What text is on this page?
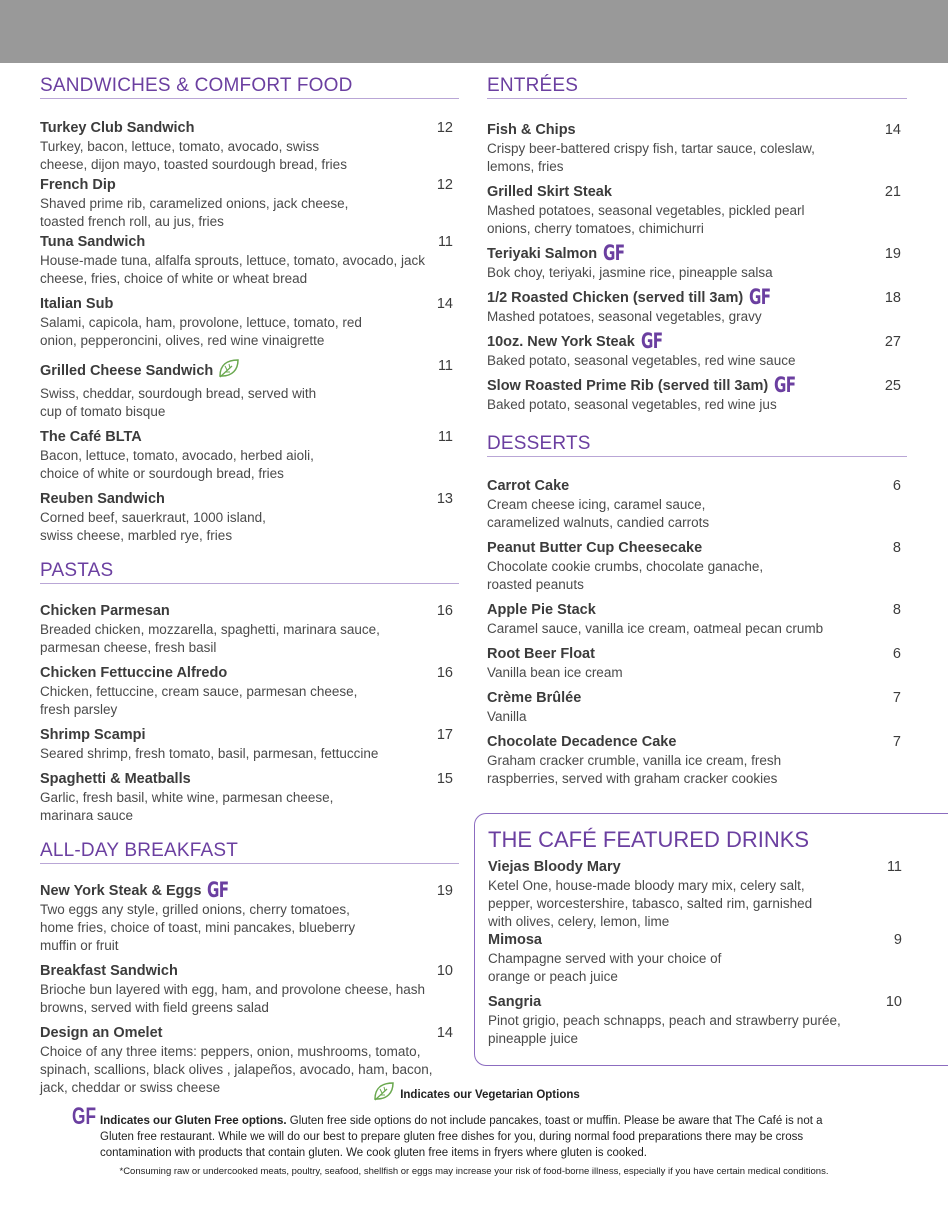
SANDWICHES & COMFORT FOOD
Turkey Club Sandwich	12
Turkey, bacon, lettuce, tomato, avocado, swiss cheese, dijon mayo, toasted sourdough bread, fries
French Dip	12
Shaved prime rib, caramelized onions, jack cheese, toasted french roll, au jus, fries
Tuna Sandwich	11
House-made tuna, alfalfa sprouts, lettuce, tomato, avocado, jack cheese, fries, choice of white or wheat bread
Italian Sub	14
Salami, capicola, ham, provolone, lettuce, tomato, red onion, pepperoncini, olives, red wine vinaigrette
Grilled Cheese Sandwich	11
Swiss, cheddar, sourdough bread, served with cup of tomato bisque
The Café BLTA	11
Bacon, lettuce, tomato, avocado, herbed aioli, choice of white or sourdough bread, fries
Reuben Sandwich	13
Corned beef, sauerkraut, 1000 island, swiss cheese, marbled rye, fries
PASTAS
Chicken Parmesan	16
Breaded chicken, mozzarella, spaghetti, marinara sauce, parmesan cheese, fresh basil
Chicken Fettuccine Alfredo	16
Chicken, fettuccine, cream sauce, parmesan cheese, fresh parsley
Shrimp Scampi	17
Seared shrimp, fresh tomato, basil, parmesan, fettuccine
Spaghetti & Meatballs	15
Garlic, fresh basil, white wine, parmesan cheese, marinara sauce
ALL-DAY BREAKFAST
New York Steak & Eggs GF	19
Two eggs any style, grilled onions, cherry tomatoes, home fries, choice of toast, mini pancakes, blueberry muffin or fruit
Breakfast Sandwich	10
Brioche bun layered with egg, ham, and provolone cheese, hash browns, served with field greens salad
Design an Omelet	14
Choice of any three items: peppers, onion, mushrooms, tomato, spinach, scallions, black olives , jalapeños, avocado, ham, bacon, jack, cheddar or swiss cheese
ENTRÉES
Fish & Chips	14
Crispy beer-battered crispy fish, tartar sauce, coleslaw, lemons, fries
Grilled Skirt Steak	21
Mashed potatoes, seasonal vegetables, pickled pearl onions, cherry tomatoes, chimichurri
Teriyaki Salmon GF	19
Bok choy, teriyaki, jasmine rice, pineapple salsa
1/2 Roasted Chicken (served till 3am) GF	18
Mashed potatoes, seasonal vegetables, gravy
10oz. New York Steak GF	27
Baked potato, seasonal vegetables, red wine sauce
Slow Roasted Prime Rib (served till 3am) GF	25
Baked potato, seasonal vegetables, red wine jus
DESSERTS
Carrot Cake	6
Cream cheese icing, caramel sauce, caramelized walnuts, candied carrots
Peanut Butter Cup Cheesecake	8
Chocolate cookie crumbs, chocolate ganache, roasted peanuts
Apple Pie Stack	8
Caramel sauce, vanilla ice cream, oatmeal pecan crumb
Root Beer Float	6
Vanilla bean ice cream
Crème Brûlée	7
Vanilla
Chocolate Decadence Cake	7
Graham cracker crumble, vanilla ice cream, fresh raspberries, served with graham cracker cookies
THE CAFÉ FEATURED DRINKS
Viejas Bloody Mary	11
Ketel One, house-made bloody mary mix, celery salt, pepper, worcestershire, tabasco, salted rim, garnished with olives, celery, lemon, lime
Mimosa	9
Champagne served with your choice of orange or peach juice
Sangria	10
Pinot grigio, peach schnapps, peach and strawberry purée, pineapple juice
Indicates our Vegetarian Options
GF Indicates our Gluten Free options. Gluten free side options do not include pancakes, toast or muffin. Please be aware that The Café is not a Gluten free restaurant. While we will do our best to prepare gluten free dishes for you, during normal food preparations there may be cross contamination with products that contain gluten. We cook gluten free items in fryers where gluten is cooked.
*Consuming raw or undercooked meats, poultry, seafood, shellfish or eggs may increase your risk of food-borne illness, especially if you have certain medical conditions.
